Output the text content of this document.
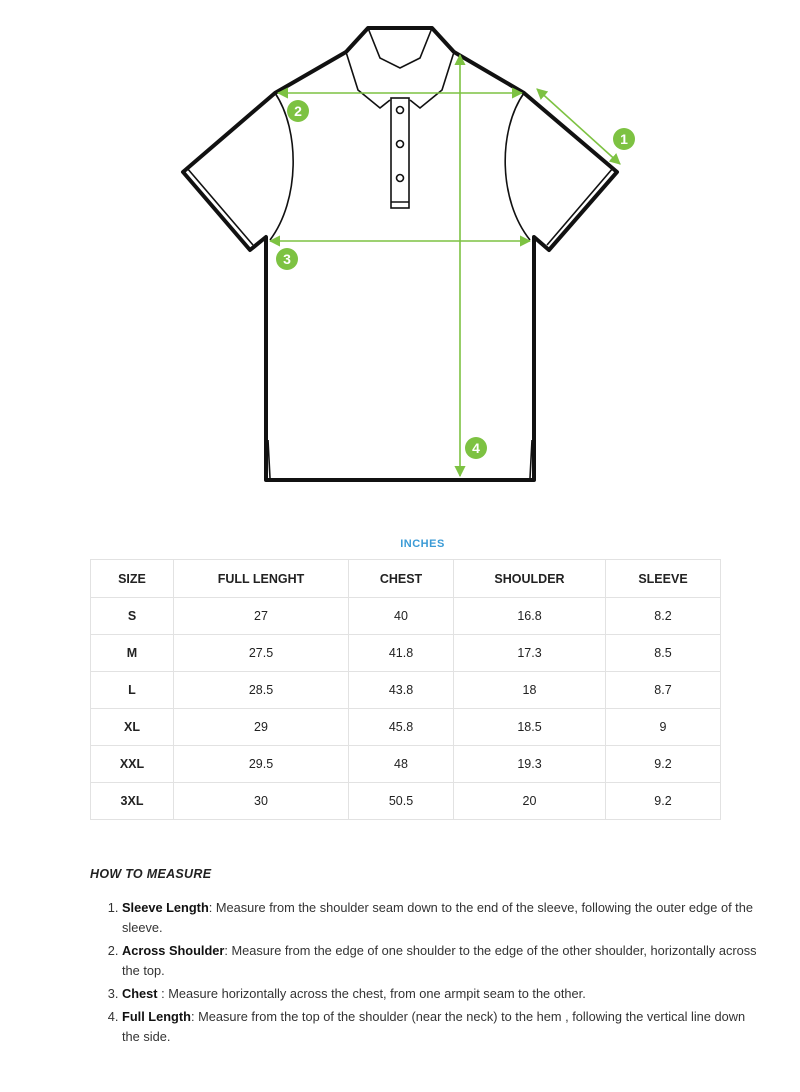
1
2
3
4
INCHES
SIZE	FULL LENGHT	CHEST	SHOULDER	SLEEVE
S	27	40	16.8	8.2
M	27.5	41.8	17.3	8.5
L	28.5	43.8	18	8.7
XL	29	45.8	18.5	9
XXL	29.5	48	19.3	9.2
3XL	30	50.5	20	9.2
HOW TO MEASURE
1. Sleeve Length: Measure from the shoulder seam down to the end of the sleeve, following the outer edge of the sleeve.
2. Across Shoulder: Measure from the edge of one shoulder to the edge of the other shoulder, horizontally across the top.
3. Chest : Measure horizontally across the chest, from one armpit seam to the other.
4. Full Length: Measure from the top of the shoulder (near the neck) to the hem , following the vertical line down the side.
